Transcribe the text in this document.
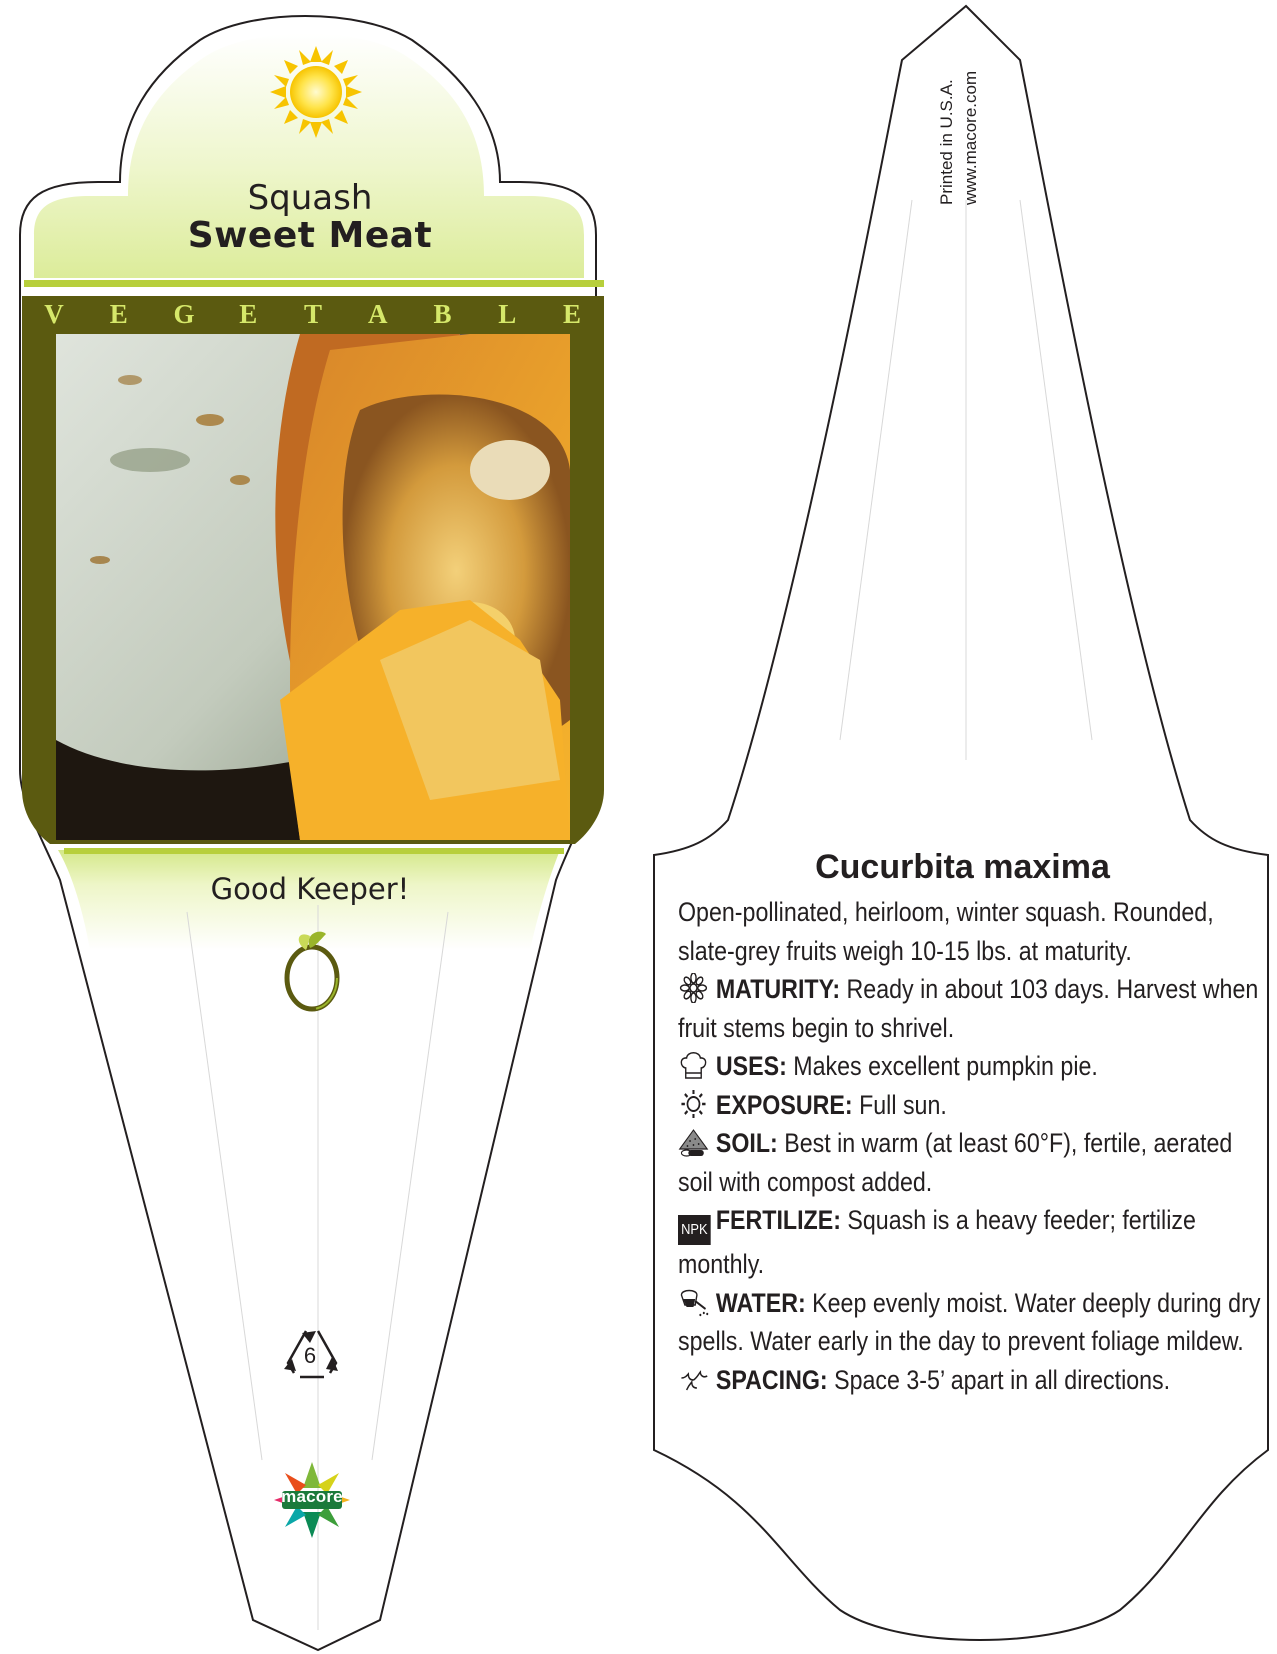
Squash
Sweet Meat
V E G E T A B L E
Good Keeper!
6
macore
Printed in U.S.A. www.macore.com
Cucurbita maxima

Open-pollinated, heirloom, winter squash. Rounded, slate-grey fruits weigh 10-15 lbs. at maturity.

MATURITY: Ready in about 103 days. Harvest when fruit stems begin to shrivel.

USES: Makes excellent pumpkin pie.

EXPOSURE: Full sun.

SOIL: Best in warm (at least 60°F), fertile, aerated soil with compost added.

NPK FERTILIZE: Squash is a heavy feeder; fertilize monthly.

WATER: Keep evenly moist. Water deeply during dry spells. Water early in the day to prevent foliage mildew.

SPACING: Space 3-5’ apart in all directions.
